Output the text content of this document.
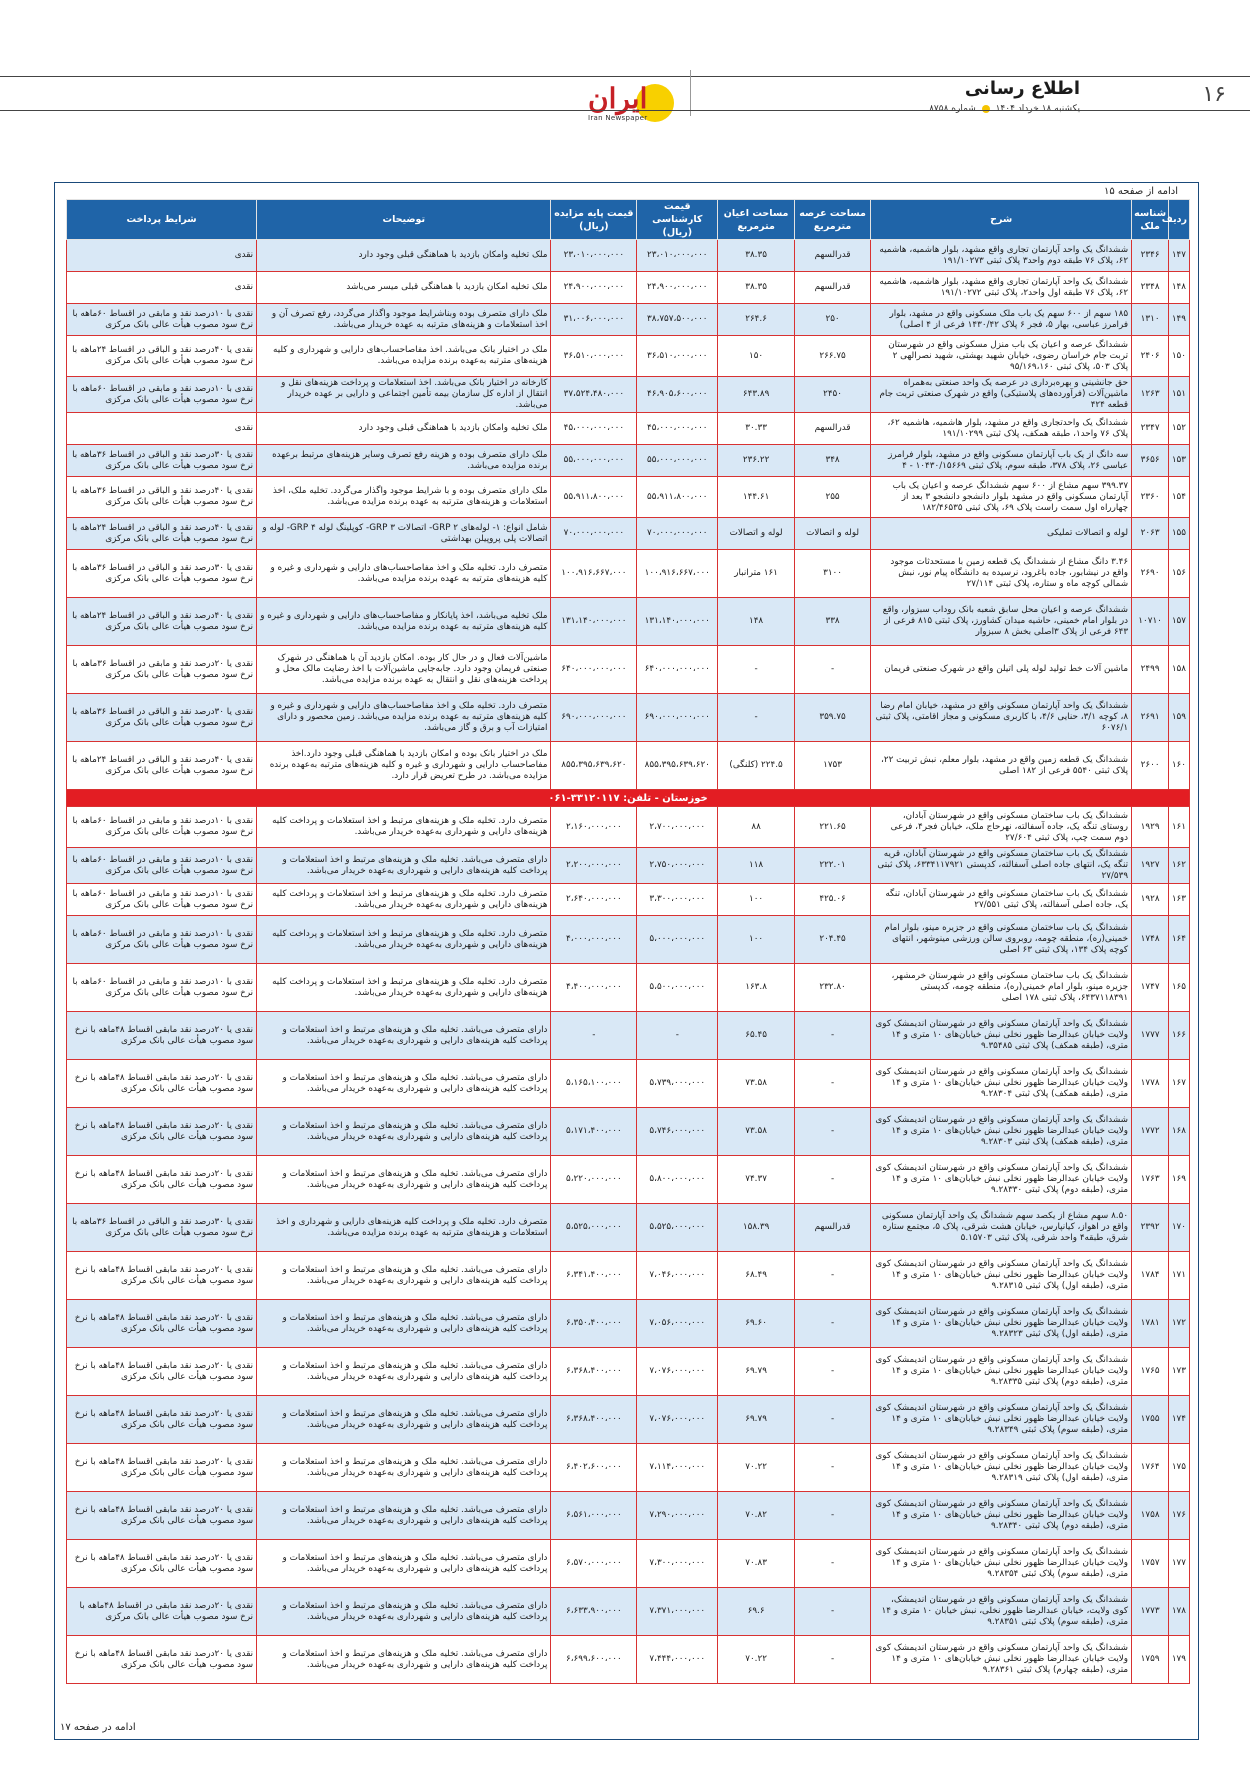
۱۶
اطلاع رسانی
یکشنبه ۱۸ خرداد ۱۴۰۴  شماره ۸۷۵۸
ایران
Iran Newspaper
ادامه از صفحه ۱۵
ردیف	شناسه ملک	شرح	مساحت عرصه مترمربع	مساحت اعیان مترمربع	قیمت کارشناسی (ریال)	قیمت پایه مزایده (ریال)	توضیحات	شرایط پرداخت
۱۴۷	۲۳۴۶	ششدانگ یک واحد آپارتمان تجاری واقع مشهد، بلوار هاشمیه، هاشمیه ۶۲، پلاک ۷۶ طبقه دوم واحد۳ پلاک ثبتی ۱۹۱/۱۰۲۷۳	قدرالسهم	۳۸.۳۵	۲۳،۰۱۰،۰۰۰،۰۰۰	۲۳،۰۱۰،۰۰۰،۰۰۰	ملک تخلیه وامکان بازدید با هماهنگی قبلی وجود دارد	نقدی
۱۴۸	۲۳۴۸	ششدانگ یک واحد آپارتمان تجاری واقع مشهد، بلوار هاشمیه، هاشمیه ۶۲، پلاک ۷۶ طبقه اول واحد۲، پلاک ثبتی ۱۹۱/۱۰۲۷۲	قدرالسهم	۳۸.۳۵	۲۴،۹۰۰،۰۰۰،۰۰۰	۲۴،۹۰۰،۰۰۰،۰۰۰	ملک تخلیه امکان بازدید با هماهنگی قبلی میسر می‌باشد	نقدی
۱۴۹	۱۳۱۰	۱۸۵ سهم از ۶۰۰ سهم یک باب ملک مسکونی واقع در مشهد، بلوار فرامرز عباسی، بهار ۵، فجر ۶ پلاک ۱۴۳۰/۴۲ فرعی از ۴ اصلی)	۲۵۰	۲۶۴.۶	۳۸،۷۵۷،۵۰۰،۰۰۰	۳۱،۰۰۶،۰۰۰،۰۰۰	ملک دارای متصرف بوده وبناشرایط موجود واگذار می‌گردد، رفع تصرف آن و اخذ استعلامات و هزینه‌های مترتبه به عهده خریدار می‌باشد.	نقدی با ۱۰درصد نقد و مابقی در اقساط ۶۰ماهه با نرخ سود مصوب هیأت عالی بانک مرکزی
۱۵۰	۲۴۰۶	ششدانگ عرصه و اعیان یک باب منزل مسکونی واقع در شهرستان تربت جام خراسان رضوی، خیابان شهید بهشتی، شهید نصرالهی ۲ پلاک ۵۰۳، پلاک ثبتی ۹۵/۱۶۹،۱۶۰	۲۶۶.۷۵	۱۵۰	۳۶،۵۱۰،۰۰۰،۰۰۰	۳۶،۵۱۰،۰۰۰،۰۰۰	ملک در اختیار بانک می‌باشد. اخذ مفاصاحساب‌های دارایی و شهرداری و کلیه هزینه‌های مترتبه به‌عهده برنده مزایده می‌باشد.	نقدی یا ۴۰درصد نقد و الباقی در اقساط ۲۴ماهه با نرخ سود مصوب هیأت عالی بانک مرکزی
۱۵۱	۱۲۶۳	حق جانشینی و بهره‌برداری در عرصه یک واحد صنعتی به‌همراه ماشین‌آلات (فرآورده‌های پلاستیکی) واقع در شهرک صنعتی تربت جام قطعه ۴۲۴	۲۴۵۰	۶۴۳.۸۹	۴۶،۹۰۵،۶۰۰،۰۰۰	۳۷،۵۲۴،۴۸۰،۰۰۰	کارخانه در اختیار بانک می‌باشد. اخذ استعلامات و پرداخت هزینه‌های نقل و انتقال از اداره کل سازمان بیمه تأمین اجتماعی و دارایی بر عهده خریدار می‌باشد.	نقدی با ۱۰درصد نقد و مابقی در اقساط ۶۰ماهه با نرخ سود مصوب هیأت عالی بانک مرکزی
۱۵۲	۲۳۴۷	ششدانگ یک واحدتجاری واقع در مشهد، بلوار هاشمیه، هاشمیه ۶۲، پلاک ۷۶ واحد۱، طبقه همکف، پلاک ثبتی ۱۹۱/۱۰۲۹۹	قدرالسهم	۳۰.۳۳	۴۵،۰۰۰،۰۰۰،۰۰۰	۴۵،۰۰۰،۰۰۰،۰۰۰	ملک تخلیه وامکان بازدید با هماهنگی قبلی وجود دارد	نقدی
۱۵۳	۳۶۵۶	سه دانگ از یک باب آپارتمان مسکونی واقع در مشهد، بلوار فرامرز عباسی ۲۶، پلاک ۳۷۸، طبقه سوم، پلاک ثبتی ۱۰۴۳۰/۱۵۶۶۹ - ۴	۳۴۸	۲۳۶.۲۲	۵۵،۰۰۰،۰۰۰،۰۰۰	۵۵،۰۰۰،۰۰۰،۰۰۰	ملک دارای متصرف بوده و هزینه رفع تصرف وسایر هزینه‌های مرتبط برعهده برنده مزایده می‌باشد.	نقدی یا ۳۰درصد نقد و الباقی در اقساط ۳۶ماهه با نرخ سود مصوب هیأت عالی بانک مرکزی
۱۵۴	۲۳۶۰	۳۹۹.۳۷ سهم مشاع از ۶۰۰ سهم ششدانگ عرصه و اعیان یک باب آپارتمان مسکونی واقع در مشهد بلوار دانشجو دانشجو ۳ بعد از چهارراه اول سمت راست پلاک ۶۹، پلاک ثبتی ۱۸۲/۴۶۵۳۵	۲۵۵	۱۴۴.۶۱	۵۵،۹۱۱،۸۰۰،۰۰۰	۵۵،۹۱۱،۸۰۰،۰۰۰	ملک دارای متصرف بوده و با شرایط موجود واگذار می‌گردد. تخلیه ملک، اخذ استعلامات و هزینه‌های مترتبه به عهده برنده مزایده می‌باشد.	نقدی یا ۴۰درصد نقد و الباقی در اقساط ۳۶ماهه با نرخ سود مصوب هیأت عالی بانک مرکزی
۱۵۵	۲۰۶۳	لوله و اتصالات تملیکی	لوله و اتصالات	لوله و اتصالات	۷۰،۰۰۰،۰۰۰،۰۰۰	۷۰،۰۰۰،۰۰۰،۰۰۰	شامل انواع: ۱- لوله‌های GRP ۲- اتصالات GRP ۳- کوپلینگ لوله GRP ۴- لوله و اتصالات پلی پروپیلن بهداشتی	نقدی یا ۴۰درصد نقد و الباقی در اقساط ۲۴ماهه با نرخ سود مصوب هیأت عالی بانک مرکزی
۱۵۶	۲۶۹۰	۳.۴۶ دانگ مشاع از ششدانگ یک قطعه زمین با مستحدثات موجود واقع در نیشابور، جاده باغرود، نرسیده به دانشگاه پیام نور، نبش شمالی کوچه ماه و ستاره، پلاک ثبتی ۲۷/۱۱۴	۳۱۰۰	۱۶۱ مترانبار	۱۰۰،۹۱۶،۶۶۷،۰۰۰	۱۰۰،۹۱۶،۶۶۷،۰۰۰	متصرف دارد. تخلیه ملک و اخذ مفاصاحساب‌های دارایی و شهرداری و غیره و کلیه هزینه‌های مترتبه به عهده برنده مزایده می‌باشد.	نقدی یا ۳۰درصد نقد و الباقی در اقساط ۳۶ماهه با نرخ سود مصوب هیأت عالی بانک مرکزی
۱۵۷	۱۰۷۱۰	ششدانگ عرصه و اعیان محل سابق شعبه بانک روداب سبزوار، واقع در بلوار امام خمینی، حاشیه میدان کشاورز، پلاک ثبتی ۸۱۵ فرعی از ۶۴۳ فرعی از پلاک ۳اصلی بخش ۸ سبزوار	۳۳۸	۱۴۸	۱۳۱،۱۴۰،۰۰۰،۰۰۰	۱۳۱،۱۴۰،۰۰۰،۰۰۰	ملک تخلیه می‌باشد، اخذ پایانکار و مفاصاحساب‌های دارایی و شهرداری و غیره و کلیه هزینه‌های مترتبه به عهده برنده مزایده می‌باشد.	نقدی یا ۴۰درصد نقد و الباقی در اقساط ۲۴ماهه با نرخ سود مصوب هیأت عالی بانک مرکزی
۱۵۸	۲۴۹۹	ماشین آلات خط تولید لوله پلی اتیلن واقع در شهرک صنعتی فریمان	-	-	۶۴۰،۰۰۰،۰۰۰،۰۰۰	۶۴۰،۰۰۰،۰۰۰،۰۰۰	ماشین‌آلات فعال و در حال کار بوده. امکان بازدید آن با هماهنگی در شهرک صنعتی فریمان وجود دارد. جابه‌جایی ماشین‌آلات با اخذ رضایت مالک محل و پرداخت هزینه‌های نقل و انتقال به عهده برنده مزایده می‌باشد.	نقدی یا ۲۰درصد نقد و مابقی در اقساط ۳۶ماهه با نرخ سود مصوب هیأت عالی بانک مرکزی
۱۵۹	۲۶۹۱	ششدانگ یک واحد آپارتمان مسکونی واقع در مشهد، خیابان امام رضا ۸، کوچه ۳/۱، حنایی ۴/۶، با کاربری مسکونی و مجاز اقامتی، پلاک ثبتی ۶۰۷۶/۱	۳۵۹.۷۵	-	۶۹۰،۰۰۰،۰۰۰،۰۰۰	۶۹۰،۰۰۰،۰۰۰،۰۰۰	متصرف دارد. تخلیه ملک و اخذ مفاصاحساب‌های دارایی و شهرداری و غیره و کلیه هزینه‌های مترتبه به عهده برنده مزایده می‌باشد. زمین محصور و دارای امتیازات آب و برق و گاز می‌باشد.	نقدی یا ۳۰درصد نقد و الباقی در اقساط ۳۶ماهه با نرخ سود مصوب هیأت عالی بانک مرکزی
۱۶۰	۲۶۰۰	ششدانگ یک قطعه زمین واقع در مشهد، بلوار معلم، نبش تربیت ۲۲، پلاک ثبتی ۵۵۴۰ فرعی از ۱۸۲ اصلی	۱۷۵۳	۲۲۴.۵ (کلنگی)	۸۵۵،۳۹۵،۶۳۹،۶۲۰	۸۵۵،۳۹۵،۶۳۹،۶۲۰	ملک در اختیار بانک بوده و امکان بازدید با هماهنگی قبلی وجود دارد.اخذ مفاصاحساب دارایی و شهرداری و غیره و کلیه هزینه‌های مترتبه به‌عهده برنده مزایده می‌باشد. در طرح تعریض قرار دارد.	نقدی یا ۴۰درصد نقد و الباقی در اقساط ۲۴ماهه با نرخ سود مصوب هیأت عالی بانک مرکزی
خوزستان - تلفن: ۳۳۱۲۰۱۱۷-۰۶۱								
۱۶۱	۱۹۲۹	ششدانگ یک باب ساختمان مسکونی واقع در شهرستان آبادان، روستای تنگه یک، جاده آسفالته، نهرحاج ملک، خیابان فجر۴، فرعی دوم سمت چپ، پلاک ثبتی ۲۷/۶۰۴	۲۲۱.۶۵	۸۸	۲،۷۰۰،۰۰۰،۰۰۰	۲،۱۶۰،۰۰۰،۰۰۰	متصرف دارد. تخلیه ملک و هزینه‌های مرتبط و اخذ استعلامات و پرداخت کلیه هزینه‌های دارایی و شهرداری به‌عهده خریدار می‌باشد.	نقدی با ۱۰درصد نقد و مابقی در اقساط ۶۰ماهه با نرخ سود مصوب هیأت عالی بانک مرکزی
۱۶۲	۱۹۲۷	ششدانگ یک باب ساختمان مسکونی واقع در شهرستان آبادان، قریه تنگه یک، انتهای جاده اصلی آسفالته، کدپستی ۶۳۳۴۱۱۷۹۲۱، پلاک ثبتی ۲۷/۵۳۹	۲۲۲.۰۱	۱۱۸	۲،۷۵۰،۰۰۰،۰۰۰	۲،۲۰۰،۰۰۰،۰۰۰	دارای متصرف می‌باشد. تخلیه ملک و هزینه‌های مرتبط و اخذ استعلامات و پرداخت کلیه هزینه‌های دارایی و شهرداری به‌عهده خریدار می‌باشد.	نقدی با ۱۰درصد نقد و مابقی در اقساط ۶۰ماهه با نرخ سود مصوب هیأت عالی بانک مرکزی
۱۶۳	۱۹۲۸	ششدانگ یک باب ساختمان مسکونی واقع در شهرستان آبادان، تنگه یک، جاده اصلی آسفالته، پلاک ثبتی ۲۷/۵۵۱	۴۲۵.۰۶	۱۰۰	۳،۳۰۰،۰۰۰،۰۰۰	۲،۶۴۰،۰۰۰،۰۰۰	متصرف دارد. تخلیه ملک و هزینه‌های مرتبط و اخذ استعلامات و پرداخت کلیه هزینه‌های دارایی و شهرداری به‌عهده خریدار می‌باشد.	نقدی با ۱۰درصد نقد و مابقی در اقساط ۶۰ماهه با نرخ سود مصوب هیأت عالی بانک مرکزی
۱۶۴	۱۷۴۸	ششدانگ یک باب ساختمان مسکونی واقع در جزیره مینو، بلوار امام خمینی(ره)، منطقه چومه، روبروی سالن ورزشی مینوشهر، انتهای کوچه پلاک ۱۳۴، پلاک ثبتی ۶۳ اصلی	۲۰۴.۴۵	۱۰۰	۵،۰۰۰،۰۰۰،۰۰۰	۴،۰۰۰،۰۰۰،۰۰۰	متصرف دارد. تخلیه ملک و هزینه‌های مرتبط و اخذ استعلامات و پرداخت کلیه هزینه‌های دارایی و شهرداری به‌عهده خریدار می‌باشد.	نقدی با ۱۰درصد نقد و مابقی در اقساط ۶۰ماهه با نرخ سود مصوب هیأت عالی بانک مرکزی
۱۶۵	۱۷۴۷	ششدانگ یک باب ساختمان مسکونی واقع در شهرستان خرمشهر، جزیره مینو، بلوار امام خمینی(ره)، منطقه چومه، کدپستی ۶۴۳۷۱۱۸۳۹۱، پلاک ثبتی ۱۷۸ اصلی	۲۳۲.۸۰	۱۶۳.۸	۵،۵۰۰،۰۰۰،۰۰۰	۴،۴۰۰،۰۰۰،۰۰۰	متصرف دارد. تخلیه ملک و هزینه‌های مرتبط و اخذ استعلامات و پرداخت کلیه هزینه‌های دارایی و شهرداری به‌عهده خریدار می‌باشد.	نقدی با ۱۰درصد نقد و مابقی در اقساط ۶۰ماهه با نرخ سود مصوب هیأت عالی بانک مرکزی
۱۶۶	۱۷۷۷	ششدانگ یک واحد آپارتمان مسکونی واقع در شهرستان اندیمشک کوی ولایت خیابان عبدالرضا ظهور نخلی نبش خیابان‌های ۱۰ متری و ۱۴ متری، (طبقه همکف) پلاک ثبتی ۹.۳۵۴۸۵	-	۶۵.۴۵	-	-	دارای متصرف می‌باشد. تخلیه ملک و هزینه‌های مرتبط و اخذ استعلامات و پرداخت کلیه هزینه‌های دارایی و شهرداری به‌عهده خریدار می‌باشد.	نقدی یا ۲۰درصد نقد مابقی اقساط ۴۸ماهه با نرخ سود مصوب هیأت عالی بانک مرکزی
۱۶۷	۱۷۷۸	ششدانگ یک واحد آپارتمان مسکونی واقع در شهرستان اندیمشک کوی ولایت خیابان عبدالرضا ظهور نخلی نبش خیابان‌های ۱۰ متری و ۱۴ متری، (طبقه همکف) پلاک ثبتی ۹.۲۸۳۰۴	-	۷۳.۵۸	۵،۷۳۹،۰۰۰،۰۰۰	۵،۱۶۵،۱۰۰،۰۰۰	دارای متصرف می‌باشد. تخلیه ملک و هزینه‌های مرتبط و اخذ استعلامات و پرداخت کلیه هزینه‌های دارایی و شهرداری به‌عهده خریدار می‌باشد.	نقدی با ۲۰درصد نقد مابقی اقساط ۴۸ماهه با نرخ سود مصوب هیأت عالی بانک مرکزی
۱۶۸	۱۷۷۲	ششدانگ یک واحد آپارتمان مسکونی واقع در شهرستان اندیمشک کوی ولایت خیابان عبدالرضا ظهور نخلی نبش خیابان‌های ۱۰ متری و ۱۴ متری، (طبقه همکف) پلاک ثبتی ۹.۲۸۳۰۳	-	۷۳.۵۸	۵،۷۴۶،۰۰۰،۰۰۰	۵،۱۷۱،۴۰۰،۰۰۰	دارای متصرف می‌باشد. تخلیه ملک و هزینه‌های مرتبط و اخذ استعلامات و پرداخت کلیه هزینه‌های دارایی و شهرداری به‌عهده خریدار می‌باشد.	نقدی یا ۲۰درصد نقد مابقی اقساط ۴۸ماهه با نرخ سود مصوب هیأت عالی بانک مرکزی
۱۶۹	۱۷۶۳	ششدانگ یک واحد آپارتمان مسکونی واقع در شهرستان اندیمشک کوی ولایت خیابان عبدالرضا ظهور نخلی نبش خیابان‌های ۱۰ متری و ۱۴ متری، (طبقه دوم) پلاک ثبتی ۹.۲۸۳۳۰	-	۷۴.۳۷	۵،۸۰۰،۰۰۰،۰۰۰	۵،۲۲۰،۰۰۰،۰۰۰	دارای متصرف می‌باشد. تخلیه ملک و هزینه‌های مرتبط و اخذ استعلامات و پرداخت کلیه هزینه‌های دارایی و شهرداری به‌عهده خریدار می‌باشد.	نقدی با ۲۰درصد نقد مابقی اقساط ۴۸ماهه با نرخ سود مصوب هیأت عالی بانک مرکزی
۱۷۰	۲۳۹۲	۸.۵۰ سهم مشاع از یکصد سهم ششدانگ یک واحد آپارتمان مسکونی واقع در اهواز، کیانپارس، خیابان هشت شرقی، پلاک ۵، مجتمع ستاره شرق، طبقه۴ واحد شرقی، پلاک ثبتی ۵.۱۵۷۰۳	قدرالسهم	۱۵۸.۳۹	۵،۵۲۵،۰۰۰،۰۰۰	۵،۵۲۵،۰۰۰،۰۰۰	متصرف دارد. تخلیه ملک و پرداخت کلیه هزینه‌های دارایی و شهرداری و اخذ استعلامات و هزینه‌های مترتبه به عهده برنده مزایده می‌باشد.	نقدی یا ۳۰درصد نقد و الباقی در اقساط ۳۶ماهه با نرخ سود مصوب هیأت عالی بانک مرکزی
۱۷۱	۱۷۸۴	ششدانگ یک واحد آپارتمان مسکونی واقع در شهرستان اندیمشک کوی ولایت خیابان عبدالرضا ظهور نخلی نبش خیابان‌های ۱۰ متری و ۱۴ متری، (طبقه اول) پلاک ثبتی ۹.۲۸۳۱۵	-	۶۸.۴۹	۷،۰۴۶،۰۰۰،۰۰۰	۶،۳۴۱،۴۰۰،۰۰۰	دارای متصرف می‌باشد. تخلیه ملک و هزینه‌های مرتبط و اخذ استعلامات و پرداخت کلیه هزینه‌های دارایی و شهرداری به‌عهده خریدار می‌باشد.	نقدی یا ۲۰درصد نقد مابقی اقساط ۴۸ماهه با نرخ سود مصوب هیأت عالی بانک مرکزی
۱۷۲	۱۷۸۱	ششدانگ یک واحد آپارتمان مسکونی واقع در شهرستان اندیمشک کوی ولایت خیابان عبدالرضا ظهور نخلی نبش خیابان‌های ۱۰ متری و ۱۴ متری، (طبقه اول) پلاک ثبتی ۹.۲۸۳۲۳	-	۶۹.۶۰	۷،۰۵۶،۰۰۰،۰۰۰	۶،۳۵۰،۴۰۰،۰۰۰	دارای متصرف می‌باشد. تخلیه ملک و هزینه‌های مرتبط و اخذ استعلامات و پرداخت کلیه هزینه‌های دارایی و شهرداری به‌عهده خریدار می‌باشد.	نقدی با ۲۰درصد نقد مابقی اقساط ۴۸ماهه با نرخ سود مصوب هیأت عالی بانک مرکزی
۱۷۳	۱۷۶۵	ششدانگ یک واحد آپارتمان مسکونی واقع در شهرستان اندیمشک کوی ولایت خیابان عبدالرضا ظهور نخلی نبش خیابان‌های ۱۰ متری و ۱۴ متری، (طبقه دوم) پلاک ثبتی ۹.۲۸۳۳۵	-	۶۹.۷۹	۷،۰۷۶،۰۰۰،۰۰۰	۶،۳۶۸،۴۰۰،۰۰۰	دارای متصرف می‌باشد. تخلیه ملک و هزینه‌های مرتبط و اخذ استعلامات و پرداخت کلیه هزینه‌های دارایی و شهرداری به‌عهده خریدار می‌باشد.	نقدی یا ۲۰درصد نقد مابقی اقساط ۴۸ماهه با نرخ سود مصوب هیأت عالی بانک مرکزی
۱۷۴	۱۷۵۵	ششدانگ یک واحد آپارتمان مسکونی واقع در شهرستان اندیمشک کوی ولایت خیابان عبدالرضا ظهور نخلی نبش خیابان‌های ۱۰ متری و ۱۴ متری، (طبقه سوم) پلاک ثبتی ۹.۲۸۳۴۹	-	۶۹.۷۹	۷،۰۷۶،۰۰۰،۰۰۰	۶،۳۶۸،۴۰۰،۰۰۰	دارای متصرف می‌باشد. تخلیه ملک و هزینه‌های مرتبط و اخذ استعلامات و پرداخت کلیه هزینه‌های دارایی و شهرداری به‌عهده خریدار می‌باشد.	نقدی یا ۲۰درصد نقد مابقی اقساط ۴۸ماهه با نرخ سود مصوب هیأت عالی بانک مرکزی
۱۷۵	۱۷۶۴	ششدانگ یک واحد آپارتمان مسکونی واقع در شهرستان اندیمشک کوی ولایت خیابان عبدالرضا ظهور نخلی نبش خیابان‌های ۱۰ متری و ۱۴ متری، (طبقه اول) پلاک ثبتی ۹.۲۸۳۱۹	-	۷۰.۲۲	۷،۱۱۴،۰۰۰،۰۰۰	۶،۴۰۲،۶۰۰،۰۰۰	دارای متصرف می‌باشد. تخلیه ملک و هزینه‌های مرتبط و اخذ استعلامات و پرداخت کلیه هزینه‌های دارایی و شهرداری به‌عهده خریدار می‌باشد.	نقدی یا ۲۰درصد نقد مابقی اقساط ۴۸ماهه با نرخ سود مصوب هیأت عالی بانک مرکزی
۱۷۶	۱۷۵۸	ششدانگ یک واحد آپارتمان مسکونی واقع در شهرستان اندیمشک کوی ولایت خیابان عبدالرضا ظهور نخلی نبش خیابان‌های ۱۰ متری و ۱۴ متری، (طبقه دوم) پلاک ثبتی ۹.۲۸۳۴۰	-	۷۰.۸۲	۷،۲۹۰،۰۰۰،۰۰۰	۶،۵۶۱،۰۰۰،۰۰۰	دارای متصرف می‌باشد. تخلیه ملک و هزینه‌های مرتبط و اخذ استعلامات و پرداخت کلیه هزینه‌های دارایی و شهرداری به‌عهده خریدار می‌باشد.	نقدی یا ۲۰درصد نقد مابقی اقساط ۴۸ماهه با نرخ سود مصوب هیأت عالی بانک مرکزی
۱۷۷	۱۷۵۷	ششدانگ یک واحد آپارتمان مسکونی واقع در شهرستان اندیمشک کوی ولایت خیابان عبدالرضا ظهور نخلی نبش خیابان‌های ۱۰ متری و ۱۴ متری، (طبقه سوم) پلاک ثبتی ۹.۲۸۳۵۴	-	۷۰.۸۳	۷،۳۰۰،۰۰۰،۰۰۰	۶،۵۷۰،۰۰۰،۰۰۰	دارای متصرف می‌باشد. تخلیه ملک و هزینه‌های مرتبط و اخذ استعلامات و پرداخت کلیه هزینه‌های دارایی و شهرداری به‌عهده خریدار می‌باشد.	نقدی یا ۲۰درصد نقد مابقی اقساط ۴۸ماهه با نرخ سود مصوب هیأت عالی بانک مرکزی
۱۷۸	۱۷۷۳	ششدانگ یک واحد آپارتمان مسکونی واقع در شهرستان اندیمشک، کوی ولایت، خیابان عبدالرضا ظهور نخلی، نبش خیابان ۱۰ متری و ۱۴ متری، (طبقه سوم) پلاک ثبتی ۹.۲۸۳۵۱	-	۶۹.۶	۷،۳۷۱،۰۰۰،۰۰۰	۶،۶۳۳،۹۰۰،۰۰۰	دارای متصرف می‌باشد. تخلیه ملک و هزینه‌های مرتبط و اخذ استعلامات و پرداخت کلیه هزینه‌های دارایی و شهرداری به‌عهده خریدار می‌باشد.	نقدی یا ۲۰درصد نقد مابقی در اقساط ۴۸ماهه با نرخ سود مصوب هیأت عالی بانک مرکزی
۱۷۹	۱۷۵۹	ششدانگ یک واحد آپارتمان مسکونی واقع در شهرستان اندیمشک کوی ولایت خیابان عبدالرضا ظهور نخلی نبش خیابان‌های ۱۰ متری و ۱۴ متری، (طبقه چهارم) پلاک ثبتی ۹.۲۸۳۶۱	-	۷۰.۲۲	۷،۴۴۴،۰۰۰،۰۰۰	۶،۶۹۹،۶۰۰،۰۰۰	دارای متصرف می‌باشد. تخلیه ملک و هزینه‌های مرتبط و اخذ استعلامات و پرداخت کلیه هزینه‌های دارایی و شهرداری به‌عهده خریدار می‌باشد.	نقدی یا ۲۰درصد نقد مابقی اقساط ۴۸ماهه با نرخ سود مصوب هیأت عالی بانک مرکزی
ادامه در صفحه ۱۷
